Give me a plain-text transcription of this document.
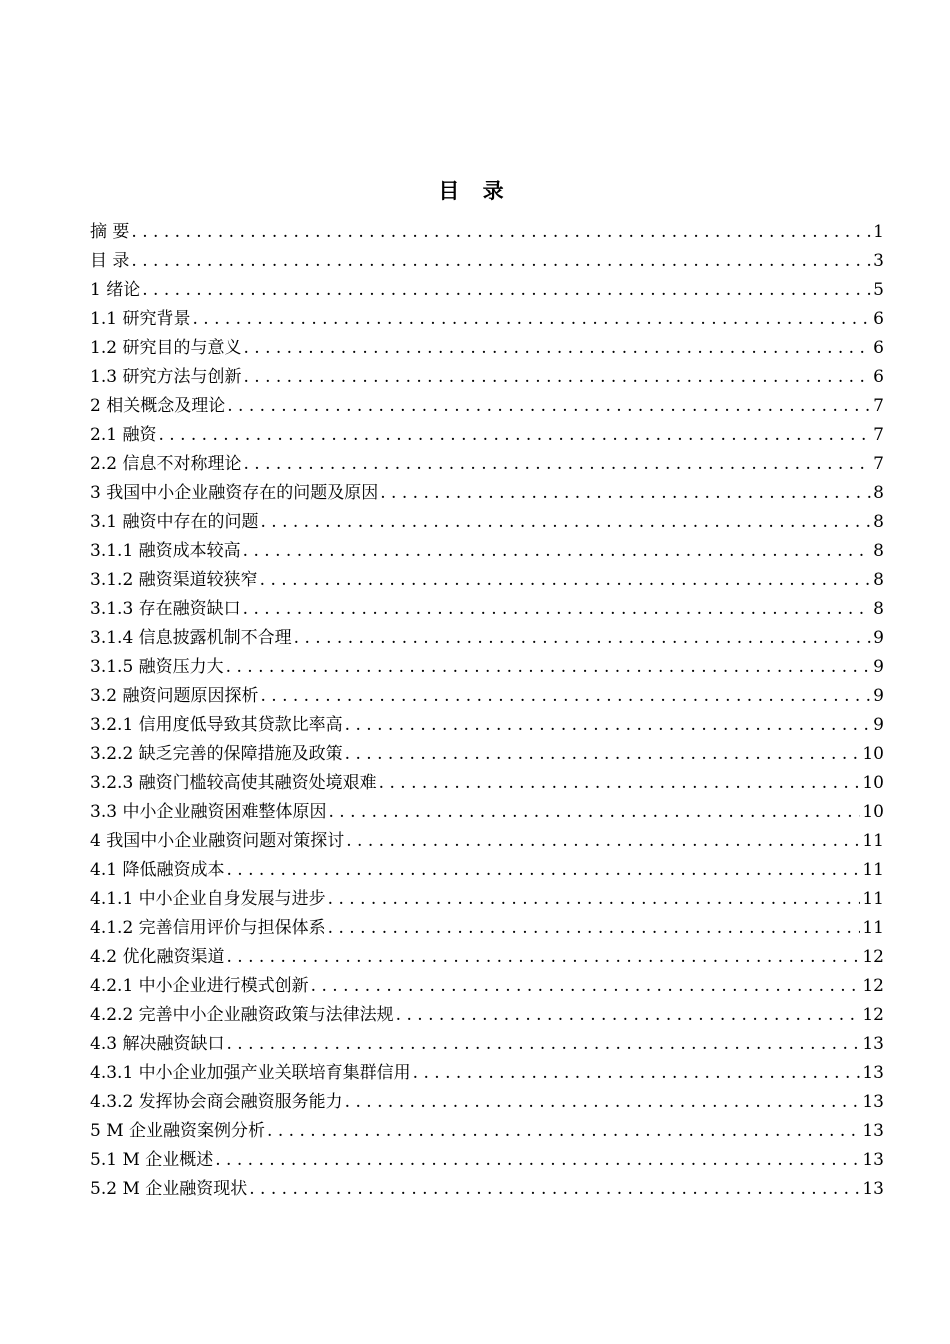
目 录
摘 要 . . .	1
目 录 . . .	3
1 绪论 . . .	5
1.1 研究背景 . . .	6
1.2 研究目的与意义 . . .	6
1.3 研究方法与创新 . . .	6
2 相关概念及理论 . . .	7
2.1 融资 . . .	7
2.2 信息不对称理论 . . .	7
3 我国中小企业融资存在的问题及原因 . . .	8
3.1 融资中存在的问题 . . .	8
3.1.1 融资成本较高 . . .	8
3.1.2 融资渠道较狭窄 . . .	8
3.1.3 存在融资缺口 . . .	8
3.1.4 信息披露机制不合理 . . .	9
3.1.5 融资压力大 . . .	9
3.2 融资问题原因探析 . . .	9
3.2.1 信用度低导致其贷款比率高 . . .	9
3.2.2 缺乏完善的保障措施及政策 . . .	10
3.2.3 融资门槛较高使其融资处境艰难 . . .	10
3.3 中小企业融资困难整体原因 . . .	10
4 我国中小企业融资问题对策探讨 . . .	11
4.1 降低融资成本 . . .	11
4.1.1 中小企业自身发展与进步 . . .	11
4.1.2 完善信用评价与担保体系 . . .	11
4.2 优化融资渠道 . . .	12
4.2.1 中小企业进行模式创新 . . .	12
4.2.2 完善中小企业融资政策与法律法规 . . .	12
4.3 解决融资缺口 . . .	13
4.3.1 中小企业加强产业关联培育集群信用 . . .	13
4.3.2 发挥协会商会融资服务能力 . . .	13
5 M 企业融资案例分析 . . .	13
5.1 M 企业概述 . . .	13
5.2 M 企业融资现状 . . .	13
